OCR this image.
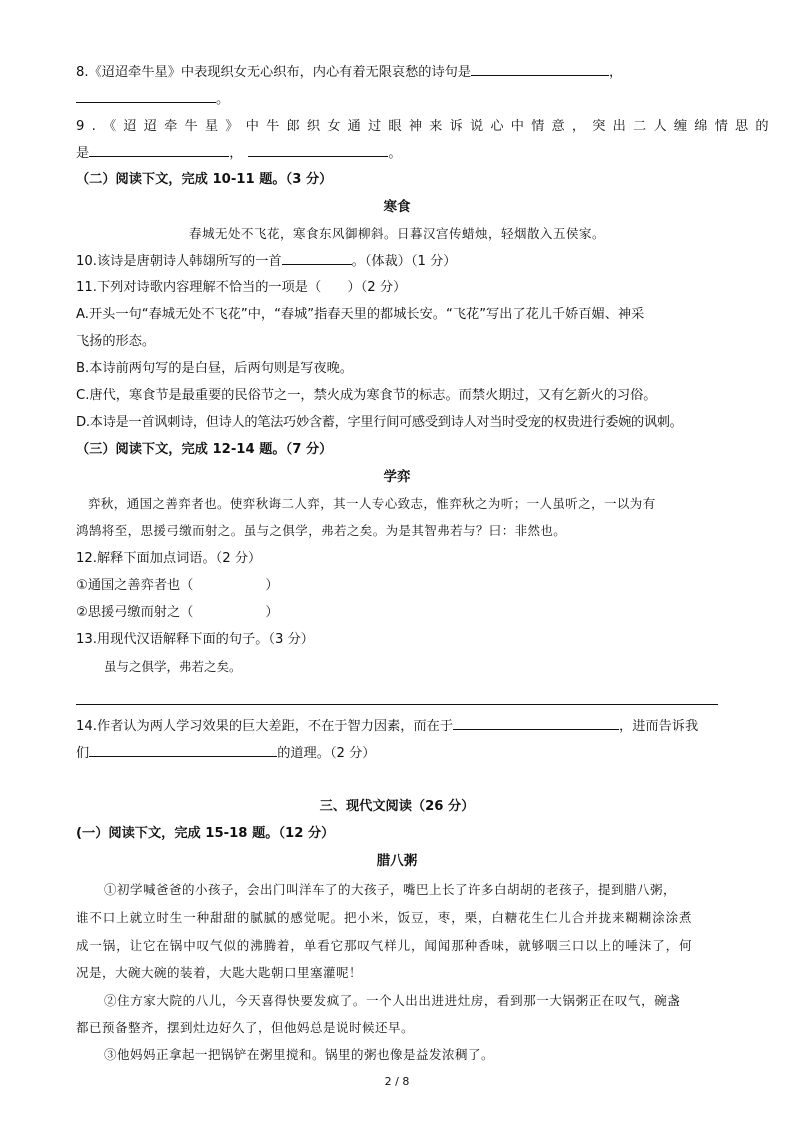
8.《迢迢牵牛星》中表现织女无心织布，内心有着无限哀愁的诗句是	，
。
9.《迢迢牵牛星》中牛郎织女通过眼神来诉说心中情意，突出二人缠绵情思的
是	，	。
（二）阅读下文，完成 10-11 题。（3 分）
寒食
春城无处不飞花，寒食东风御柳斜。日暮汉宫传蜡烛，轻烟散入五侯家。
10.该诗是唐朝诗人韩翃所写的一首	。（体裁）（1 分）
11.下列对诗歌内容理解不恰当的一项是（　　）（2 分）
A.开头一句“春城无处不飞花”中，“春城”指春天里的都城长安。“飞花”写出了花儿千娇百媚、神采
飞扬的形态。
B.本诗前两句写的是白昼，后两句则是写夜晚。
C.唐代，寒食节是最重要的民俗节之一，禁火成为寒食节的标志。而禁火期过，又有乞新火的习俗。
D.本诗是一首讽刺诗，但诗人的笔法巧妙含蓄，字里行间可感受到诗人对当时受宠的权贵进行委婉的讽刺。
（三）阅读下文，完成 12-14 题。（7 分）
学弈
弈秋，通国之善弈者也。使弈秋诲二人弈，其一人专心致志，惟弈秋之为听；一人虽听之，一以为有
鸿鹄将至，思援弓缴而射之。虽与之俱学，弗若之矣。为是其智弗若与？曰：非然也。
12.解释下面加点词语。（2 分）
①通国之善弈者也（	）
②思援弓缴而射之（	）
13.用现代汉语解释下面的句子。（3 分）
虽与之俱学，弗若之矣。
14.作者认为两人学习效果的巨大差距，不在于智力因素，而在于	，进而告诉我
们	的道理。（2 分）
三、现代文阅读（26 分）
(一）阅读下文，完成 15-18 题。（12 分）
腊八粥
①初学喊爸爸的小孩子，会出门叫洋车了的大孩子，嘴巴上长了许多白胡胡的老孩子，提到腊八粥，
谁不口上就立时生一种甜甜的腻腻的感觉呢。把小米，饭豆，枣，栗，白糖花生仁儿合并拢来糊糊涂涂煮
成一锅，让它在锅中叹气似的沸腾着，单看它那叹气样儿，闻闻那种香味，就够咽三口以上的唾沫了，何
况是，大碗大碗的装着，大匙大匙朝口里塞灌呢！
②住方家大院的八儿，今天喜得快要发疯了。一个人出出进进灶房，看到那一大锅粥正在叹气，碗盏
都已预备整齐，摆到灶边好久了，但他妈总是说时候还早。
③他妈妈正拿起一把锅铲在粥里搅和。锅里的粥也像是益发浓稠了。
2 / 8
